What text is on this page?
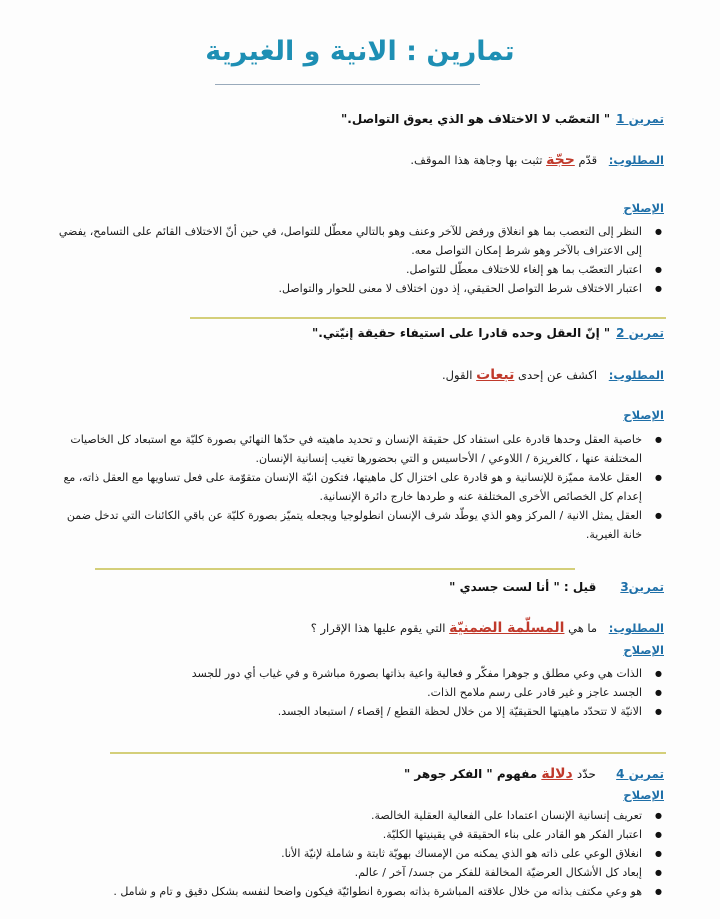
تمارين : الانية و الغيرية
تمرين 1" التعصّب لا الاختلاف هو الذي يعوق التواصل."
المطلوب: قدّم حجّة تثبت بها وجاهة هذا الموقف.
الإصلاح
● النظر إلى التعصب بما هو انغلاق ورفض للآخر وعنف وهو بالتالي معطّل للتواصل، في حين أنّ الاختلاف القائم على التسامح، يفضي إلى الاعتراف بالآخر وهو شرط إمكان التواصل معه.
● اعتبار التعصّب بما هو إلغاء للاختلاف معطّل للتواصل.
● اعتبار الاختلاف شرط التواصل الحقيقي، إذ دون اختلاف لا معنى للحوار والتواصل.
تمرين 2" إنّ العقل وحده قادرا على استيفاء حقيقة إنيّتي."
المطلوب: اكشف عن إحدى تبعات القول.
الإصلاح
● خاصية العقل وحدها قادرة على استفاد كل حقيقة الإنسان و تحديد ماهيته في حدّها النهائي بصورة كليّة مع استبعاد كل الخاصيات المختلفة عنها ، كالغريزة / اللاوعي / الأحاسيس و التي بحضورها تغيب إنسانية الإنسان.
● العقل علامة مميّزة للإنسانية و هو قادرة على اختزال كل ماهيتها، فتكون انيّة الإنسان متقوّمة على فعل تساويها مع العقل ذاته، مع إعدام كل الخصائص الأخرى المختلفة عنه و طردها خارج دائرة الإنسانية.
● العقل يمثل الانية / المركز وهو الذي يوطّد شرف الإنسان انطولوجيا ويجعله يتميّز بصورة كليّة عن باقي الكائنات التي تدخل ضمن خانة الغيرية.
تمرين3قيل : " أنا لست جسدي "
المطلوب: ما هي المسلّمة الضمنيّة التي يقوم عليها هذا الإقرار ؟
الإصلاح
● الذات هي وعي مطلق و جوهرا مفكّر و فعالية واعية بذاتها بصورة مباشرة و في غياب أي دور للجسد
● الجسد عاجز و غير قادر على رسم ملامح الذات.
● الانيّة لا تتحدّد ماهيتها الحقيقيّة إلا من خلال لحظة القطع / إقصاء / استبعاد الجسد.
تمرين 4 حدّد دلالة مفهوم " الفكر جوهر "
الإصلاح
● تعريف إنسانية الإنسان اعتمادا على الفعالية العقلية الخالصة.
● اعتبار الفكر هو القادر على بناء الحقيقة في يقينيتها الكليّة.
● انغلاق الوعي على ذاته هو الذي يمكنه من الإمساك بهويّة ثابتة و شاملة لإنيّة الأنا.
● إبعاد كل الأشكال العرضيّة المخالفة للفكر من جسد/ آخر / عالم.
● هو وعي مكتف بذاته من خلال علاقته المباشرة بذاته بصورة انطوائيّة فيكون واضحا لنفسه بشكل دقيق و تام و شامل .
